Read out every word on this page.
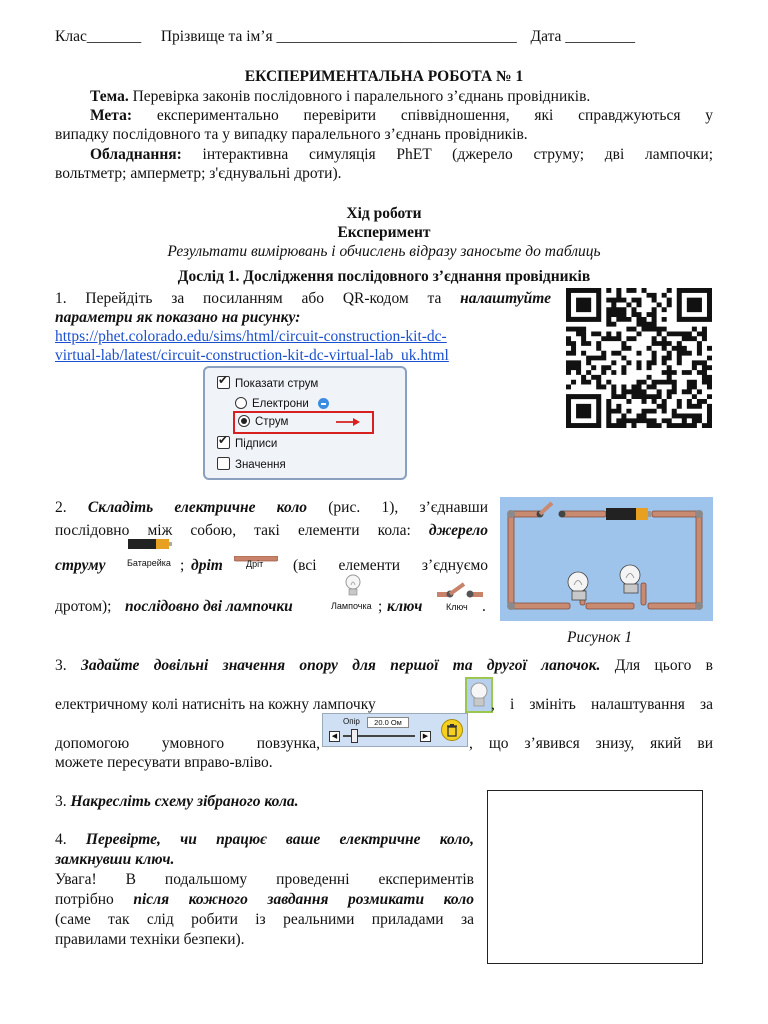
Клас_______ Прізвище та ім’я _______________________________ Дата _________
ЕКСПЕРИМЕНТАЛЬНА РОБОТА № 1
Тема. Перевірка законів послідовного і паралельного з’єднань провідників.
Мета: експериментально перевірити співвідношення, які справджуються у
випадку послідовного та у випадку паралельного з’єднань провідників.
Обладнання: інтерактивна симуляція PhET (джерело струму; дві лампочки;
вольтметр; амперметр; з'єднувальні дроти).
Хід роботи
Експеримент
Результати вимірювань і обчислень відразу заносьте до таблиць
Дослід 1. Дослідження послідовного з’єднання провідників
1. Перейдіть за посиланням або QR-кодом та налаштуйте
параметри як показано на рисунку:
https://phet.colorado.edu/sims/html/circuit-construction-kit-dc-
virtual-lab/latest/circuit-construction-kit-dc-virtual-lab_uk.html
✔Показати струм
Електрони
Струм
✔Підписи
Значення
2. Складіть електричне коло (рис. 1), з’єднавши
послідовно між собою, такі елементи кола: джерело
струму Батарейка ; дріт	Дріт (всі елементи з’єднуємо
дротом); послідовно дві лампочки	Лампочка ; ключ	Ключ .
Рисунок 1
3. Задайте довільні значення опору для першої та другої лапочок. Для цього в
електричному колі натисніть на кожну лампочку	, і змініть налаштування за
допомогою умовного повзунка,
Опір	20.0 Ом
◀	▶	, що з’явився знизу, який ви
можете пересувати вправо-вліво.
3. Накресліть схему зібраного кола.
4. Перевірте, чи працює ваше електричне коло,
замкнувши ключ.
Увага! В подальшому проведенні експериментів
потрібно після кожного завдання розмикати коло
(саме так слід робити із реальними приладами за
правилами техніки безпеки).
